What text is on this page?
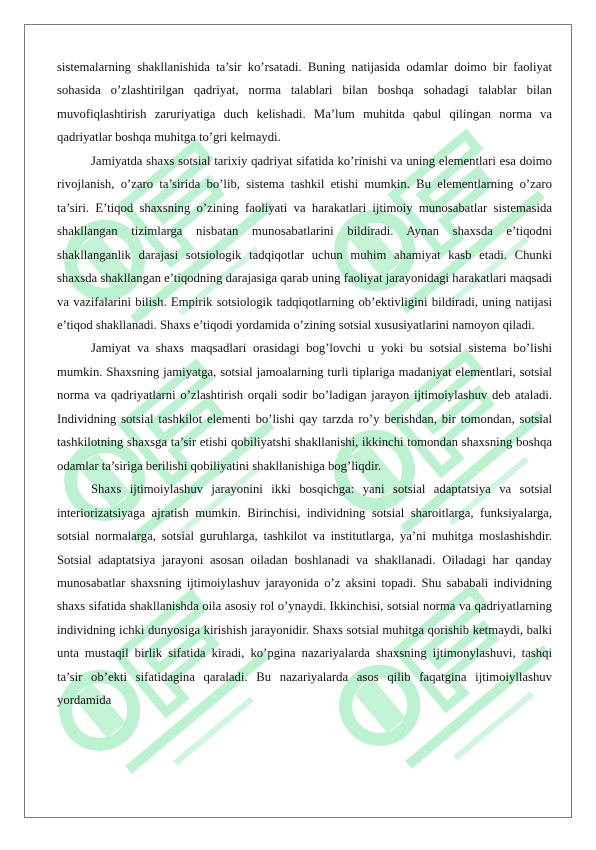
sistemalarning shakllanishida ta’sir ko’rsatadi. Buning natijasida odamlar doimo bir faoliyat sohasida o’zlashtirilgan qadriyat, norma talablari bilan boshqa sohadagi talablar bilan muvofiqlashtirish zaruriyatiga duch kelishadi. Ma’lum muhitda qabul qilingan norma va qadriyatlar boshqa muhitga to’gri kelmaydi.

Jamiyatda shaxs sotsial tarixiy qadriyat sifatida ko’rinishi va uning elementlari esa doimo rivojlanish, o’zaro ta’sirida bo’lib, sistema tashkil etishi mumkin. Bu elementlarning o’zaro ta’siri. E’tiqod shaxsning o’zining faoliyati va harakatlari ijtimoiy munosabatlar sistemasida shakllangan tizimlarga nisbatan munosabatlarini bildiradi. Aynan shaxsda e’tiqodni shakllanganlik darajasi sotsiologik tadqiqotlar uchun muhim ahamiyat kasb etadi. Chunki shaxsda shakllangan e’tiqodning darajasiga qarab uning faoliyat jarayonidagi harakatlari maqsadi va vazifalarini bilish. Empirik sotsiologik tadqiqotlarning ob’ektivligini bildiradi, uning natijasi e’tiqod shakllanadi. Shaxs e’tiqodi yordamida o’zining sotsial xususiyatlarini namoyon qiladi.

Jamiyat va shaxs maqsadlari orasidagi bog’lovchi u yoki bu sotsial sistema bo’lishi mumkin. Shaxsning jamiyatga, sotsial jamoalarning turli tiplariga madaniyat elementlari, sotsial norma va qadriyatlarni o’zlashtirish orqali sodir bo’ladigan jarayon ijtimoiylashuv deb ataladi. Individning sotsial tashkilot elementi bo’lishi qay tarzda ro’y berishdan, bir tomondan, sotsial tashkilotning shaxsga ta’sir etishi qobiliyatshi shakllanishi, ikkinchi tomondan shaxsning boshqa odamlar ta’siriga berilishi qobiliyatini shakllanishiga bog’liqdir.

Shaxs ijtimoiylashuv jarayonini ikki bosqichga: yani sotsial adaptatsiya va sotsial interiorizatsiyaga ajratish mumkin. Birinchisi, individning sotsial sharoitlarga, funksiyalarga, sotsial normalarga, sotsial guruhlarga, tashkilot va institutlarga, ya’ni muhitga moslashishdir. Sotsial adaptatsiya jarayoni asosan oiladan boshlanadi va shakllanadi. Oiladagi har qanday munosabatlar shaxsning ijtimoiylashuv jarayonida o’z aksini topadi. Shu sababali individning shaxs sifatida shakllanishda oila asosiy rol o’ynaydi. Ikkinchisi, sotsial norma va qadriyatlarning individning ichki dunyosiga kirishish jarayonidir. Shaxs sotsial muhitga qorishib ketmaydi, balki unta mustaqil birlik sifatida kiradi, ko’pgina nazariyalarda shaxsning ijtimonylashuvi, tashqi ta’sir ob’ekti sifatidagina qaraladi. Bu nazariyalarda asos qilib faqatgina ijtimoiyllashuv yordamida
